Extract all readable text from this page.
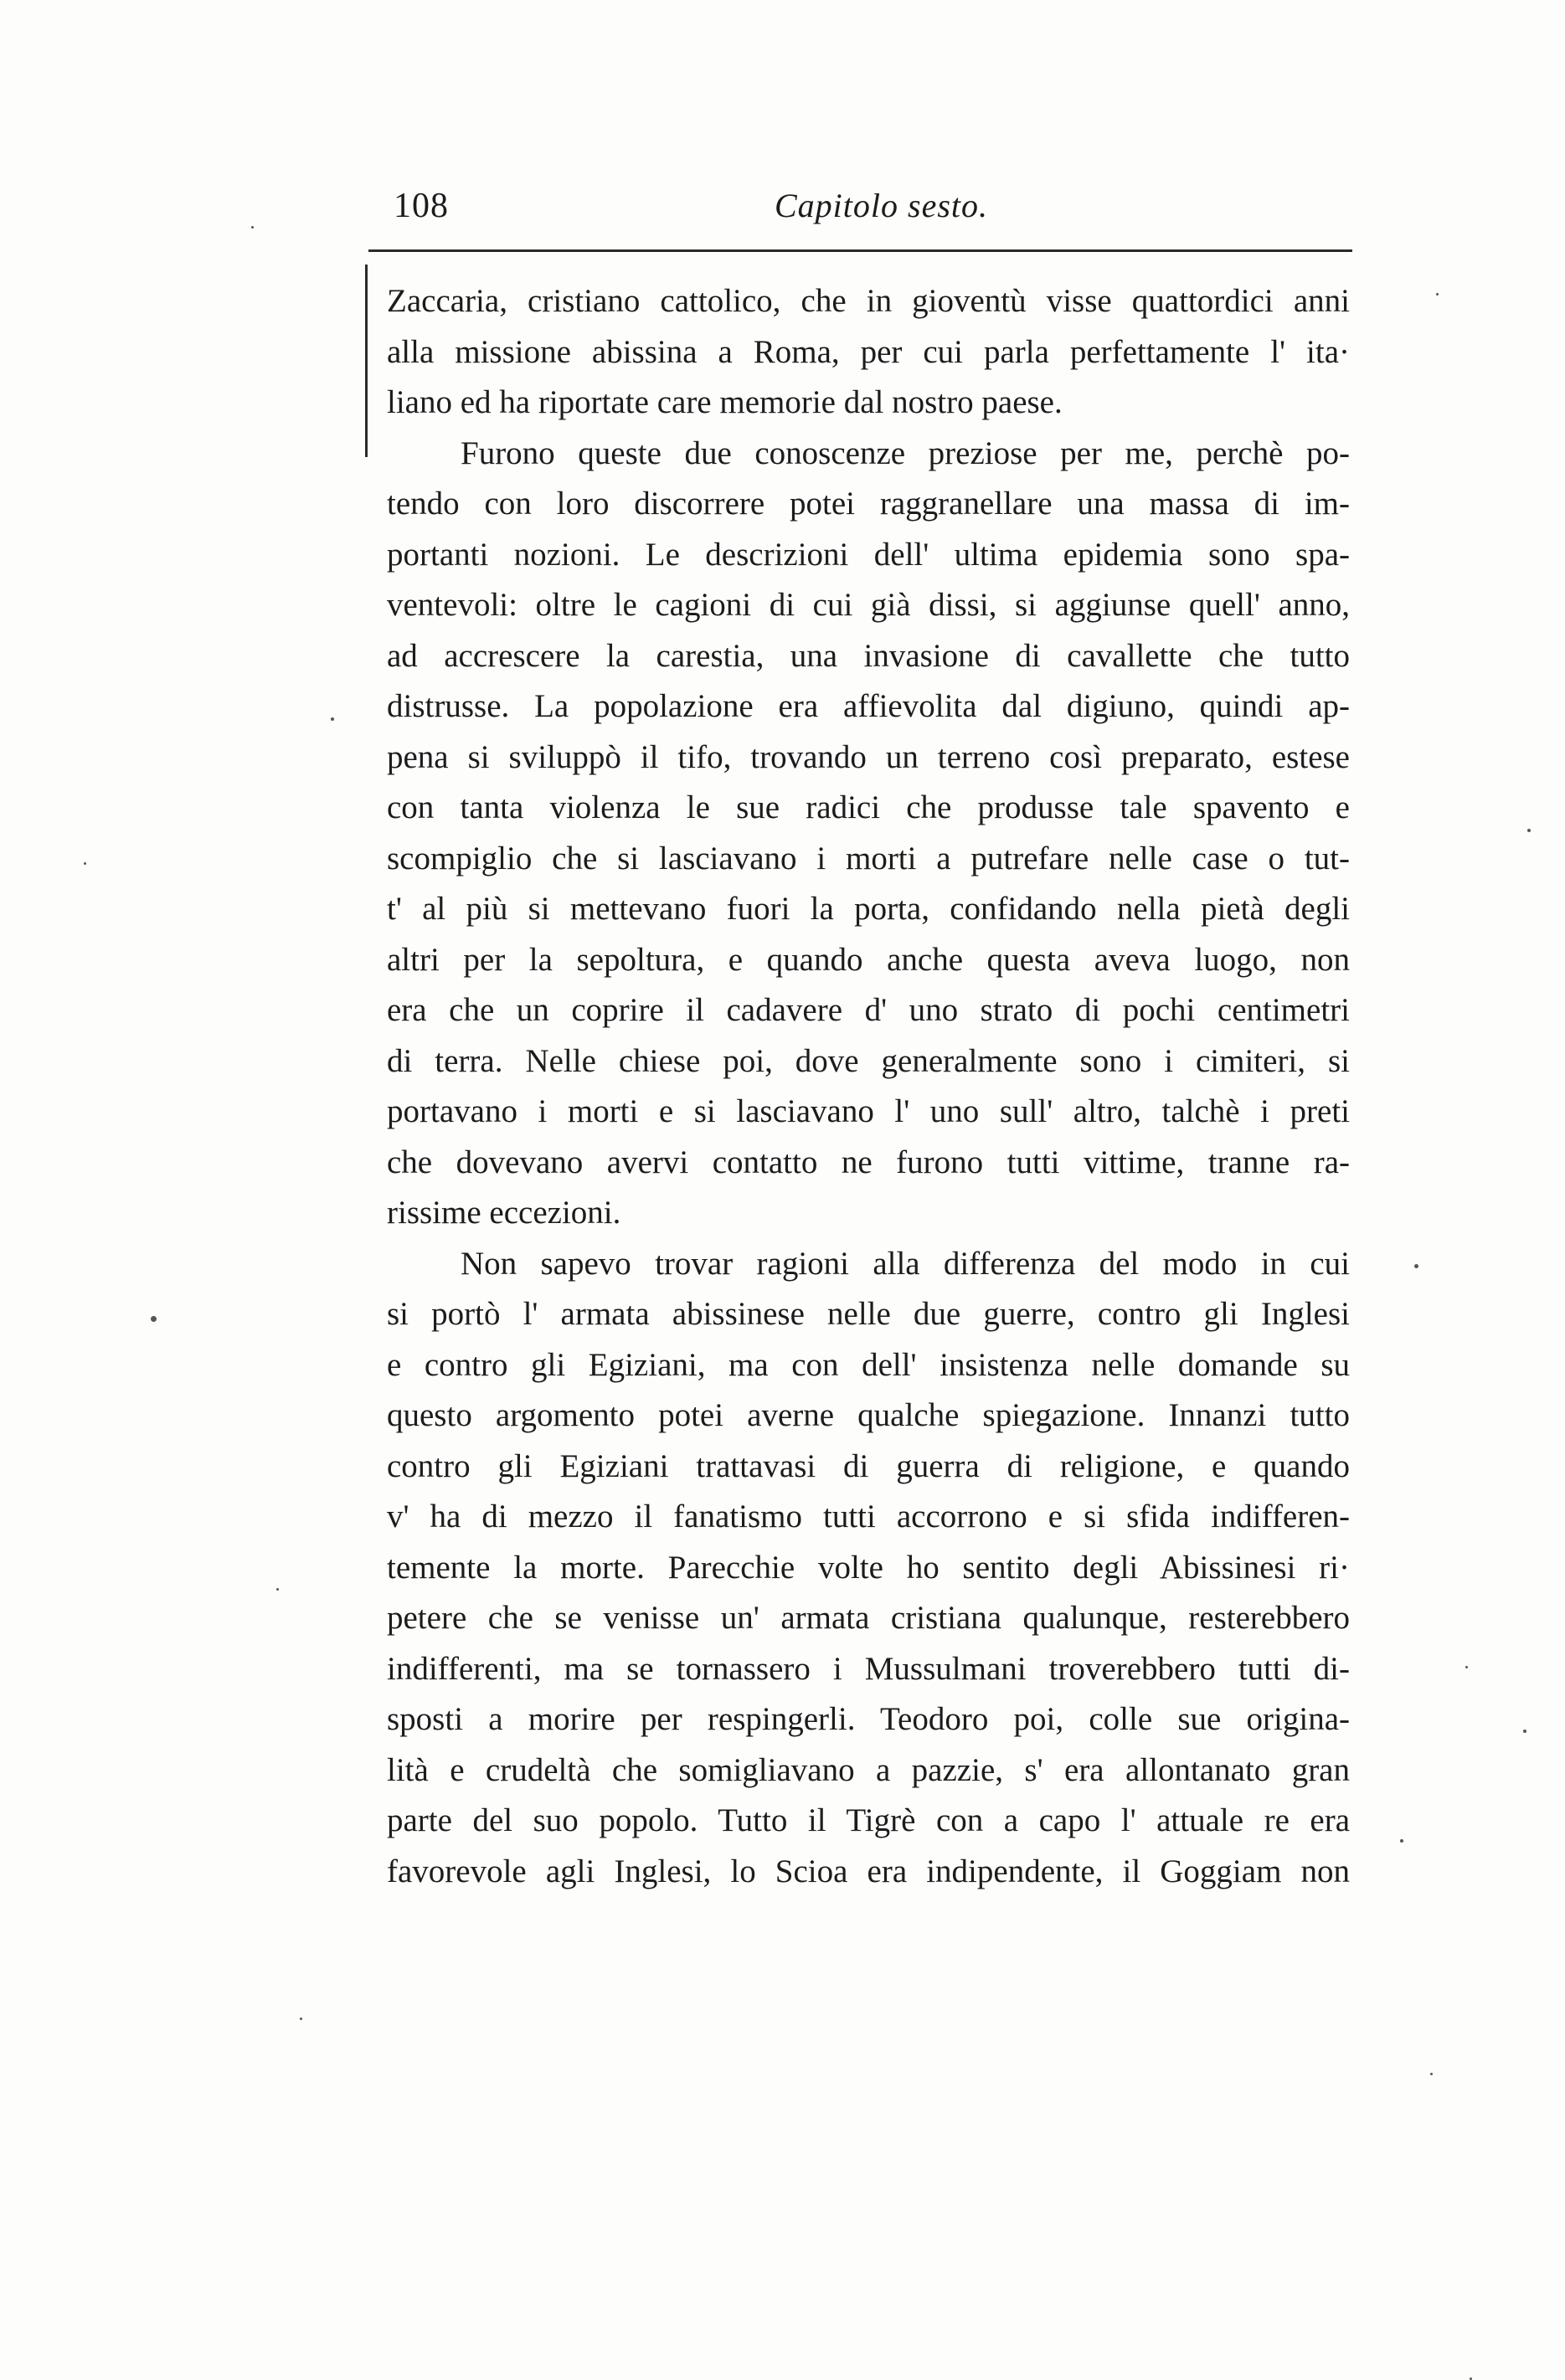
108	Capitolo sesto.
Zaccaria, cristiano cattolico, che in gioventù visse quattordici anni
alla missione abissina a Roma, per cui parla perfettamente l' ita·
liano ed ha riportate care memorie dal nostro paese.
Furono queste due conoscenze preziose per me, perchè po-
tendo con loro discorrere potei raggranellare una massa di im-
portanti nozioni. Le descrizioni dell' ultima epidemia sono spa-
ventevoli: oltre le cagioni di cui già dissi, si aggiunse quell' anno,
ad accrescere la carestia, una invasione di cavallette che tutto
distrusse. La popolazione era affievolita dal digiuno, quindi ap-
pena si sviluppò il tifo, trovando un terreno così preparato, estese
con tanta violenza le sue radici che produsse tale spavento e
scompiglio che si lasciavano i morti a putrefare nelle case o tut-
t' al più si mettevano fuori la porta, confidando nella pietà degli
altri per la sepoltura, e quando anche questa aveva luogo, non
era che un coprire il cadavere d' uno strato di pochi centimetri
di terra. Nelle chiese poi, dove generalmente sono i cimiteri, si
portavano i morti e si lasciavano l' uno sull' altro, talchè i preti
che dovevano avervi contatto ne furono tutti vittime, tranne ra-
rissime eccezioni.
Non sapevo trovar ragioni alla differenza del modo in cui
si portò l' armata abissinese nelle due guerre, contro gli Inglesi
e contro gli Egiziani, ma con dell' insistenza nelle domande su
questo argomento potei averne qualche spiegazione. Innanzi tutto
contro gli Egiziani trattavasi di guerra di religione, e quando
v' ha di mezzo il fanatismo tutti accorrono e si sfida indifferen-
temente la morte. Parecchie volte ho sentito degli Abissinesi ri·
petere che se venisse un' armata cristiana qualunque, resterebbero
indifferenti, ma se tornassero i Mussulmani troverebbero tutti di-
sposti a morire per respingerli. Teodoro poi, colle sue origina-
lità e crudeltà che somigliavano a pazzie, s' era allontanato gran
parte del suo popolo. Tutto il Tigrè con a capo l' attuale re era
favorevole agli Inglesi, lo Scioa era indipendente, il Goggiam non
